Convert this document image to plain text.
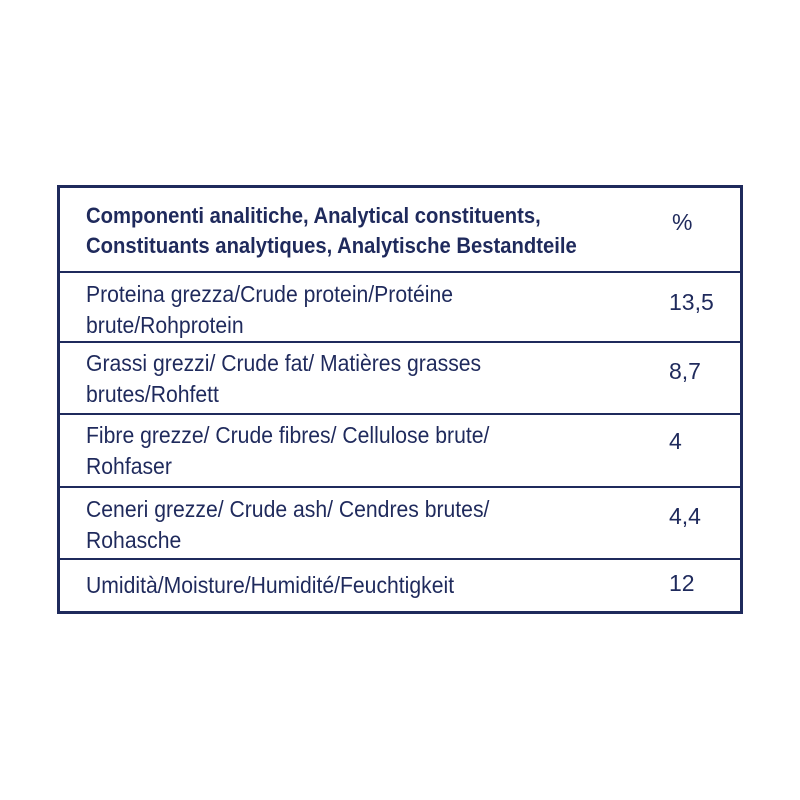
Componenti analitiche, Analytical constituents,
Constituants analytiques, Analytische Bestandteile
%
Proteina grezza/Crude protein/Protéine
brute/Rohprotein
13,5
Grassi grezzi/ Crude fat/ Matières grasses
brutes/Rohfett
8,7
Fibre grezze/ Crude fibres/ Cellulose brute/
Rohfaser
4
Ceneri grezze/ Crude ash/ Cendres brutes/
Rohasche
4,4
Umidità/Moisture/Humidité/Feuchtigkeit	12
